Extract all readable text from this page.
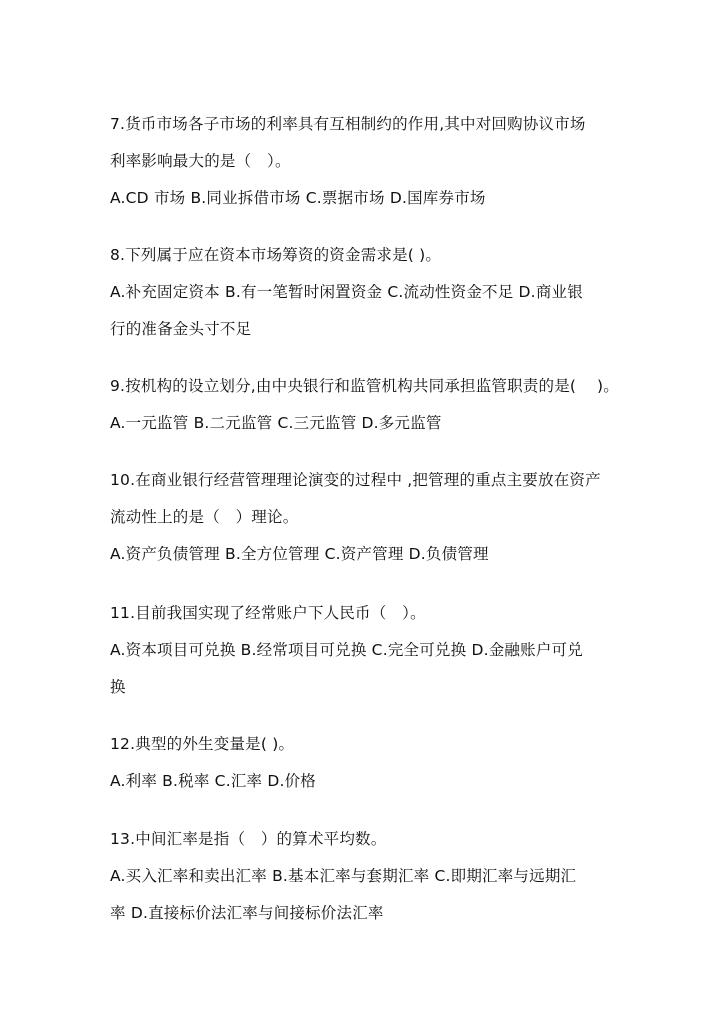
7.货币市场各子市场的利率具有互相制约的作用,其中对回购协议市场
利率影响最大的是（　）。
A.CD 市场 B.同业拆借市场 C.票据市场 D.国库券市场
8.下列属于应在资本市场筹资的资金需求是( )。
A.补充固定资本 B.有一笔暂时闲置资金 C.流动性资金不足 D.商业银
行的准备金头寸不足
9.按机构的设立划分,由中央银行和监管机构共同承担监管职责的是(　 )。
A.一元监管 B.二元监管 C.三元监管 D.多元监管
10.在商业银行经营管理理论演变的过程中 ,把管理的重点主要放在资产
流动性上的是（　）理论。
A.资产负债管理 B.全方位管理 C.资产管理 D.负债管理
11.目前我国实现了经常账户下人民币（　）。
A.资本项目可兑换 B.经常项目可兑换 C.完全可兑换 D.金融账户可兑
换
12.典型的外生变量是( )。
A.利率 B.税率 C.汇率 D.价格
13.中间汇率是指（　）的算术平均数。
A.买入汇率和卖出汇率 B.基本汇率与套期汇率 C.即期汇率与远期汇
率 D.直接标价法汇率与间接标价法汇率
